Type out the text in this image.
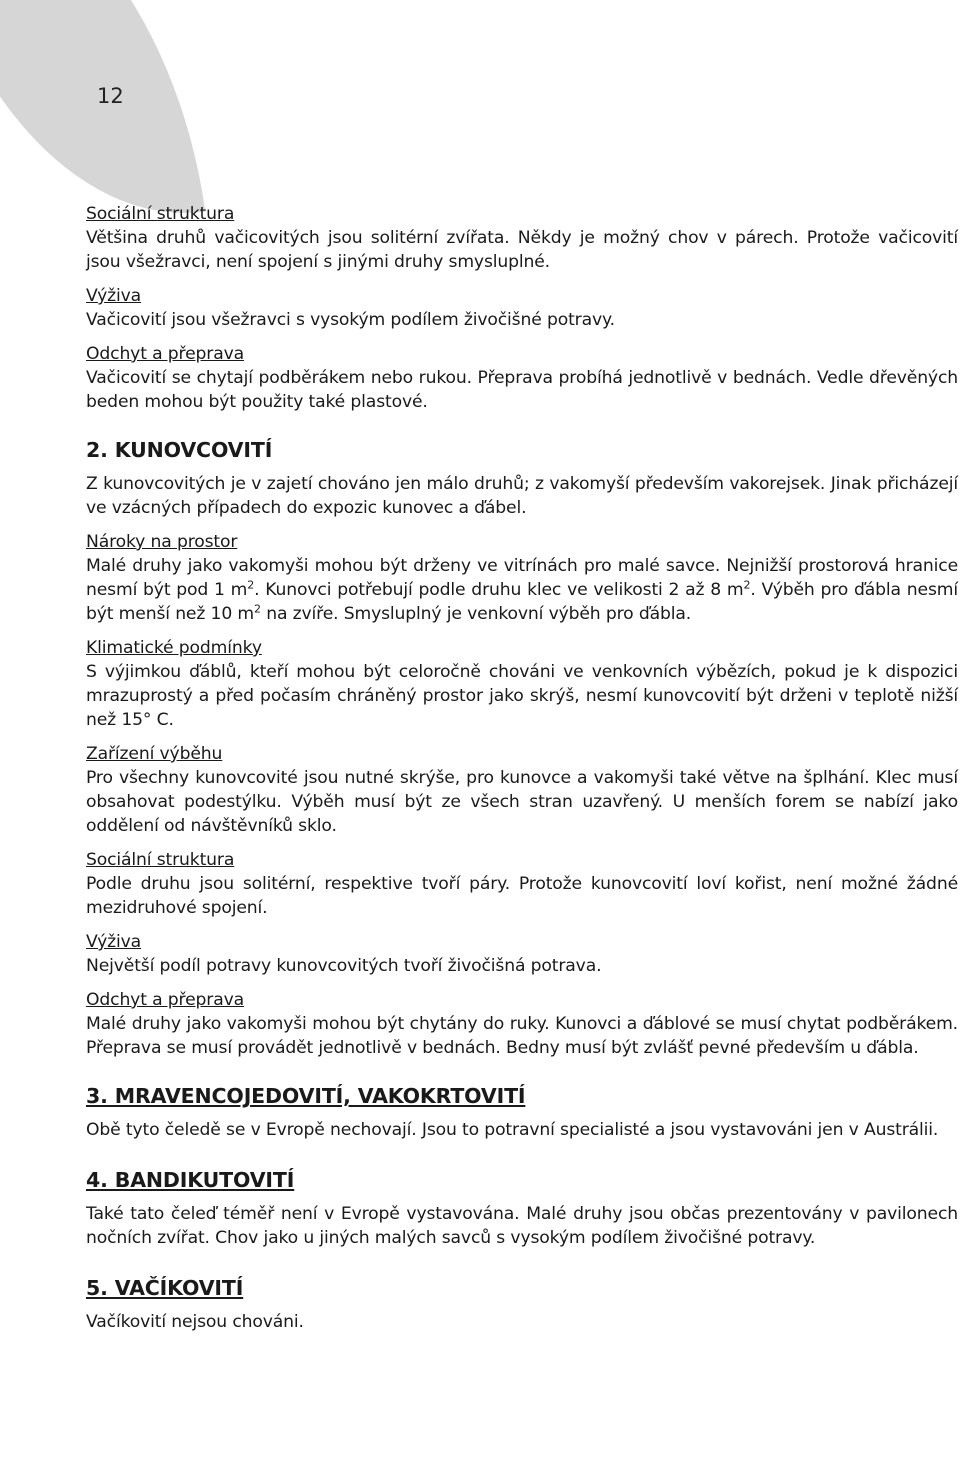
12
Sociální struktura

Většina druhů vačicovitých jsou solitérní zvířata. Někdy je možný chov v párech. Protože vačicovití jsou všežravci, není spojení s jinými druhy smysluplné.

Výživa

Vačicovití jsou všežravci s vysokým podílem živočišné potravy.

Odchyt a přeprava

Vačicovití se chytají podběrákem nebo rukou. Přeprava probíhá jednotlivě v bednách. Vedle dřevěných beden mohou být použity také plastové.

2. KUNOVCOVITÍ

Z kunovcovitých je v zajetí chováno jen málo druhů; z vakomyší především vakorejsek. Jinak přicházejí ve vzácných případech do expozic kunovec a ďábel.

Nároky na prostor

Malé druhy jako vakomyši mohou být drženy ve vitrínách pro malé savce. Nejnižší prostorová hranice nesmí být pod 1 $m^2$. Kunovci potřebují podle druhu klec ve velikosti 2 až 8 $m^2$. Výběh pro ďábla nesmí být menší než 10 $m^2$ na zvíře. Smysluplný je venkovní výběh pro ďábla.

Klimatické podmínky

S výjimkou ďáblů, kteří mohou být celoročně chováni ve venkovních výbězích, pokud je k dispozici mrazuprostý a před počasím chráněný prostor jako skrýš, nesmí kunovcovití být drženi v teplotě nižší než 15° C.

Zařízení výběhu

Pro všechny kunovcovité jsou nutné skrýše, pro kunovce a vakomyši také větve na šplhání. Klec musí obsahovat podestýlku. Výběh musí být ze všech stran uzavřený. U menších forem se nabízí jako oddělení od návštěvníků sklo.

Sociální struktura

Podle druhu jsou solitérní, respektive tvoří páry. Protože kunovcovití loví kořist, není možné žádné mezidruhové spojení.

Výživa

Největší podíl potravy kunovcovitých tvoří živočišná potrava.

Odchyt a přeprava

Malé druhy jako vakomyši mohou být chytány do ruky. Kunovci a ďáblové se musí chytat podběrákem. Přeprava se musí provádět jednotlivě v bednách. Bedny musí být zvlášť pevné především u ďábla.

3. MRAVENCOJEDOVITÍ, VAKOKRTOVITÍ

Obě tyto čeledě se v Evropě nechovají. Jsou to potravní specialisté a jsou vystavováni jen v Austrálii.

4. BANDIKUTOVITÍ

Také tato čeleď téměř není v Evropě vystavována. Malé druhy jsou občas prezentovány v pavilonech nočních zvířat. Chov jako u jiných malých savců s vysokým podílem živočišné potravy.

5. VAČÍKOVITÍ

Vačíkovití nejsou chováni.
